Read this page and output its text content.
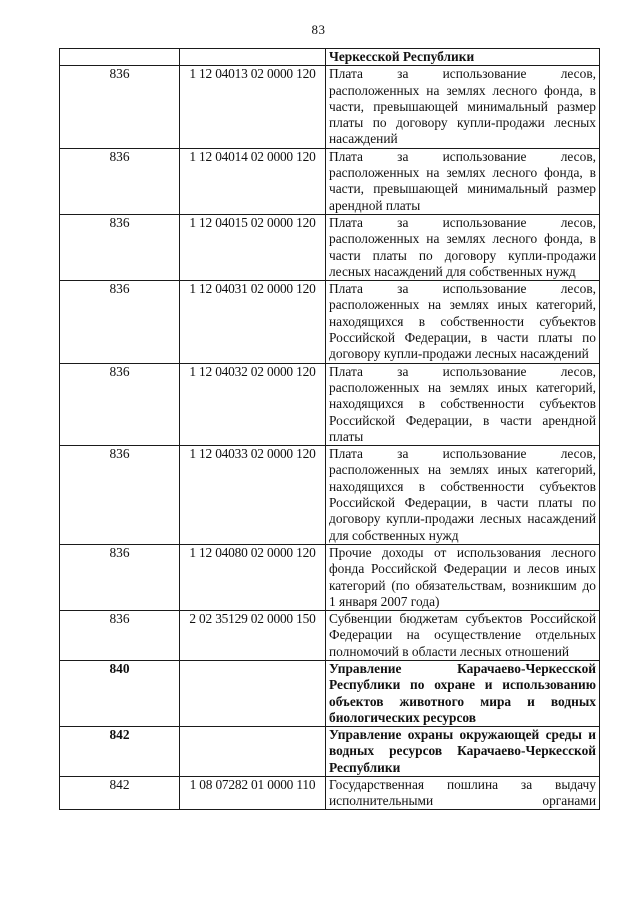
83
		Черкесской Республики
836	1 12 04013 02 0000 120	Плата за использование лесов, расположенных на землях лесного фонда, в части, превышающей минимальный размер платы по договору купли-продажи лесных насаждений
836	1 12 04014 02 0000 120	Плата за использование лесов, расположенных на землях лесного фонда, в части, превышающей минимальный размер арендной платы
836	1 12 04015 02 0000 120	Плата за использование лесов, расположенных на землях лесного фонда, в части платы по договору купли-продажи лесных насаждений для собственных нужд
836	1 12 04031 02 0000 120	Плата за использование лесов, расположенных на землях иных категорий, находящихся в собственности субъектов Российской Федерации, в части платы по договору купли-продажи лесных насаждений
836	1 12 04032 02 0000 120	Плата за использование лесов, расположенных на землях иных категорий, находящихся в собственности субъектов Российской Федерации, в части арендной платы
836	1 12 04033 02 0000 120	Плата за использование лесов, расположенных на землях иных категорий, находящихся в собственности субъектов Российской Федерации, в части платы по договору купли-продажи лесных насаждений для собственных нужд
836	1 12 04080 02 0000 120	Прочие доходы от использования лесного фонда Российской Федерации и лесов иных категорий (по обязательствам, возникшим до 1 января 2007 года)
836	2 02 35129 02 0000 150	Субвенции бюджетам субъектов Российской Федерации на осуществление отдельных полномочий в области лесных отношений
840		Управление Карачаево-Черкесской Республики по охране и использованию объектов животного мира и водных биологических ресурсов
842		Управление охраны окружающей среды и водных ресурсов Карачаево-Черкесской Республики
842	1 08 07282 01 0000 110	Государственная пошлина за выдачу исполнительными органами
